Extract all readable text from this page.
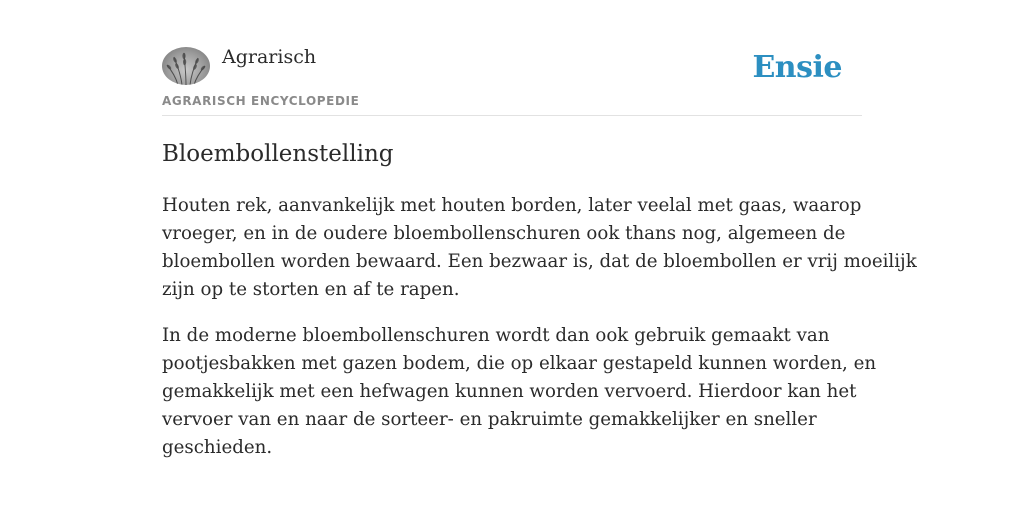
Agrarisch
AGRARISCH ENCYCLOPEDIE
Ensie
Bloembollenstelling

Houten rek, aanvankelijk met houten borden, later veelal met gaas, waarop
vroeger, en in de oudere bloembollenschuren ook thans nog, algemeen de
bloembollen worden bewaard. Een bezwaar is, dat de bloembollen er vrij moeilijk
zijn op te storten en af te rapen.

In de moderne bloembollenschuren wordt dan ook gebruik gemaakt van
pootjesbakken met gazen bodem, die op elkaar gestapeld kunnen worden, en
gemakkelijk met een hefwagen kunnen worden vervoerd. Hierdoor kan het
vervoer van en naar de sorteer- en pakruimte gemakkelijker en sneller
geschieden.
